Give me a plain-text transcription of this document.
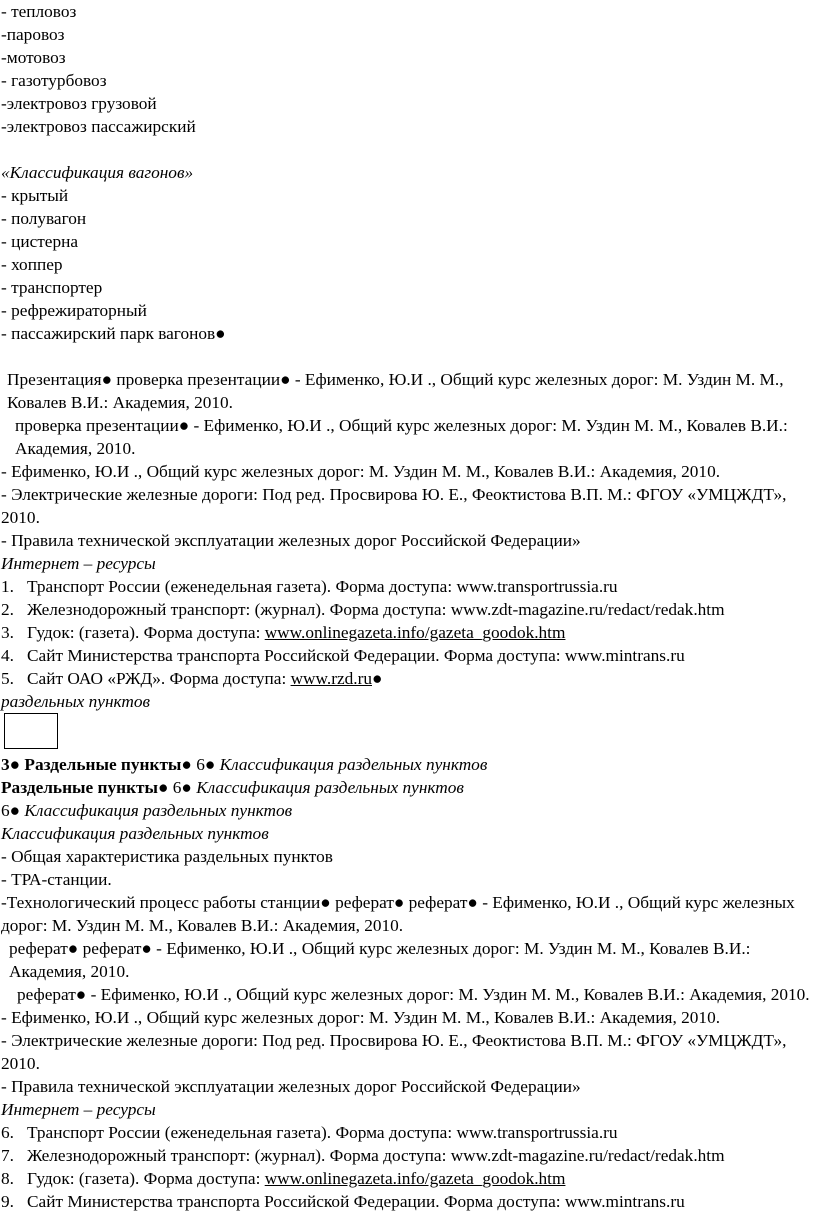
- тепловоз
-паровоз
-мотовоз
- газотурбовоз
-электровоз грузовой
-электровоз пассажирский
«Классификация вагонов»
- крытый
- полувагон
- цистерна
- хоппер
- транспортер
- рефрежираторный
- пассажирский парк вагонов●
Презентация● проверка презентации● - Ефименко, Ю.И ., Общий курс железных дорог: М. Уздин М. М., Ковалев В.И.: Академия, 2010.
проверка презентации● - Ефименко, Ю.И ., Общий курс железных дорог: М. Уздин М. М., Ковалев В.И.: Академия, 2010.
- Ефименко, Ю.И ., Общий курс железных дорог: М. Уздин М. М., Ковалев В.И.: Академия, 2010.
- Электрические железные дороги: Под ред. Просвирова Ю. Е., Феоктистова В.П. М.: ФГОУ «УМЦЖДТ», 2010.
- Правила технической эксплуатации железных дорог Российской Федерации»
Интернет – ресурсы
1. Транспорт России (еженедельная газета). Форма доступа: www.transportrussia.ru
2. Железнодорожный транспорт: (журнал). Форма доступа: www.zdt-magazine.ru/redact/redak.htm
3. Гудок: (газета). Форма доступа: www.onlinegazeta.info/gazeta_goodok.htm
4. Сайт Министерства транспорта Российской Федерации. Форма доступа: www.mintrans.ru
5. Сайт ОАО «РЖД». Форма доступа: www.rzd.ru●
раздельных пунктов
3● Раздельные пункты● 6● Классификация раздельных пунктов
Раздельные пункты● 6● Классификация раздельных пунктов
6● Классификация раздельных пунктов
Классификация раздельных пунктов
- Общая характеристика раздельных пунктов
- ТРА-станции.
-Технологический процесс работы станции● реферат● реферат● - Ефименко, Ю.И ., Общий курс железных дорог: М. Уздин М. М., Ковалев В.И.: Академия, 2010.
реферат● реферат● - Ефименко, Ю.И ., Общий курс железных дорог: М. Уздин М. М., Ковалев В.И.: Академия, 2010.
реферат● - Ефименко, Ю.И ., Общий курс железных дорог: М. Уздин М. М., Ковалев В.И.: Академия, 2010.
- Ефименко, Ю.И ., Общий курс железных дорог: М. Уздин М. М., Ковалев В.И.: Академия, 2010.
- Электрические железные дороги: Под ред. Просвирова Ю. Е., Феоктистова В.П. М.: ФГОУ «УМЦЖДТ», 2010.
- Правила технической эксплуатации железных дорог Российской Федерации»
Интернет – ресурсы
6. Транспорт России (еженедельная газета). Форма доступа: www.transportrussia.ru
7. Железнодорожный транспорт: (журнал). Форма доступа: www.zdt-magazine.ru/redact/redak.htm
8. Гудок: (газета). Форма доступа: www.onlinegazeta.info/gazeta_goodok.htm
9. Сайт Министерства транспорта Российской Федерации. Форма доступа: www.mintrans.ru
